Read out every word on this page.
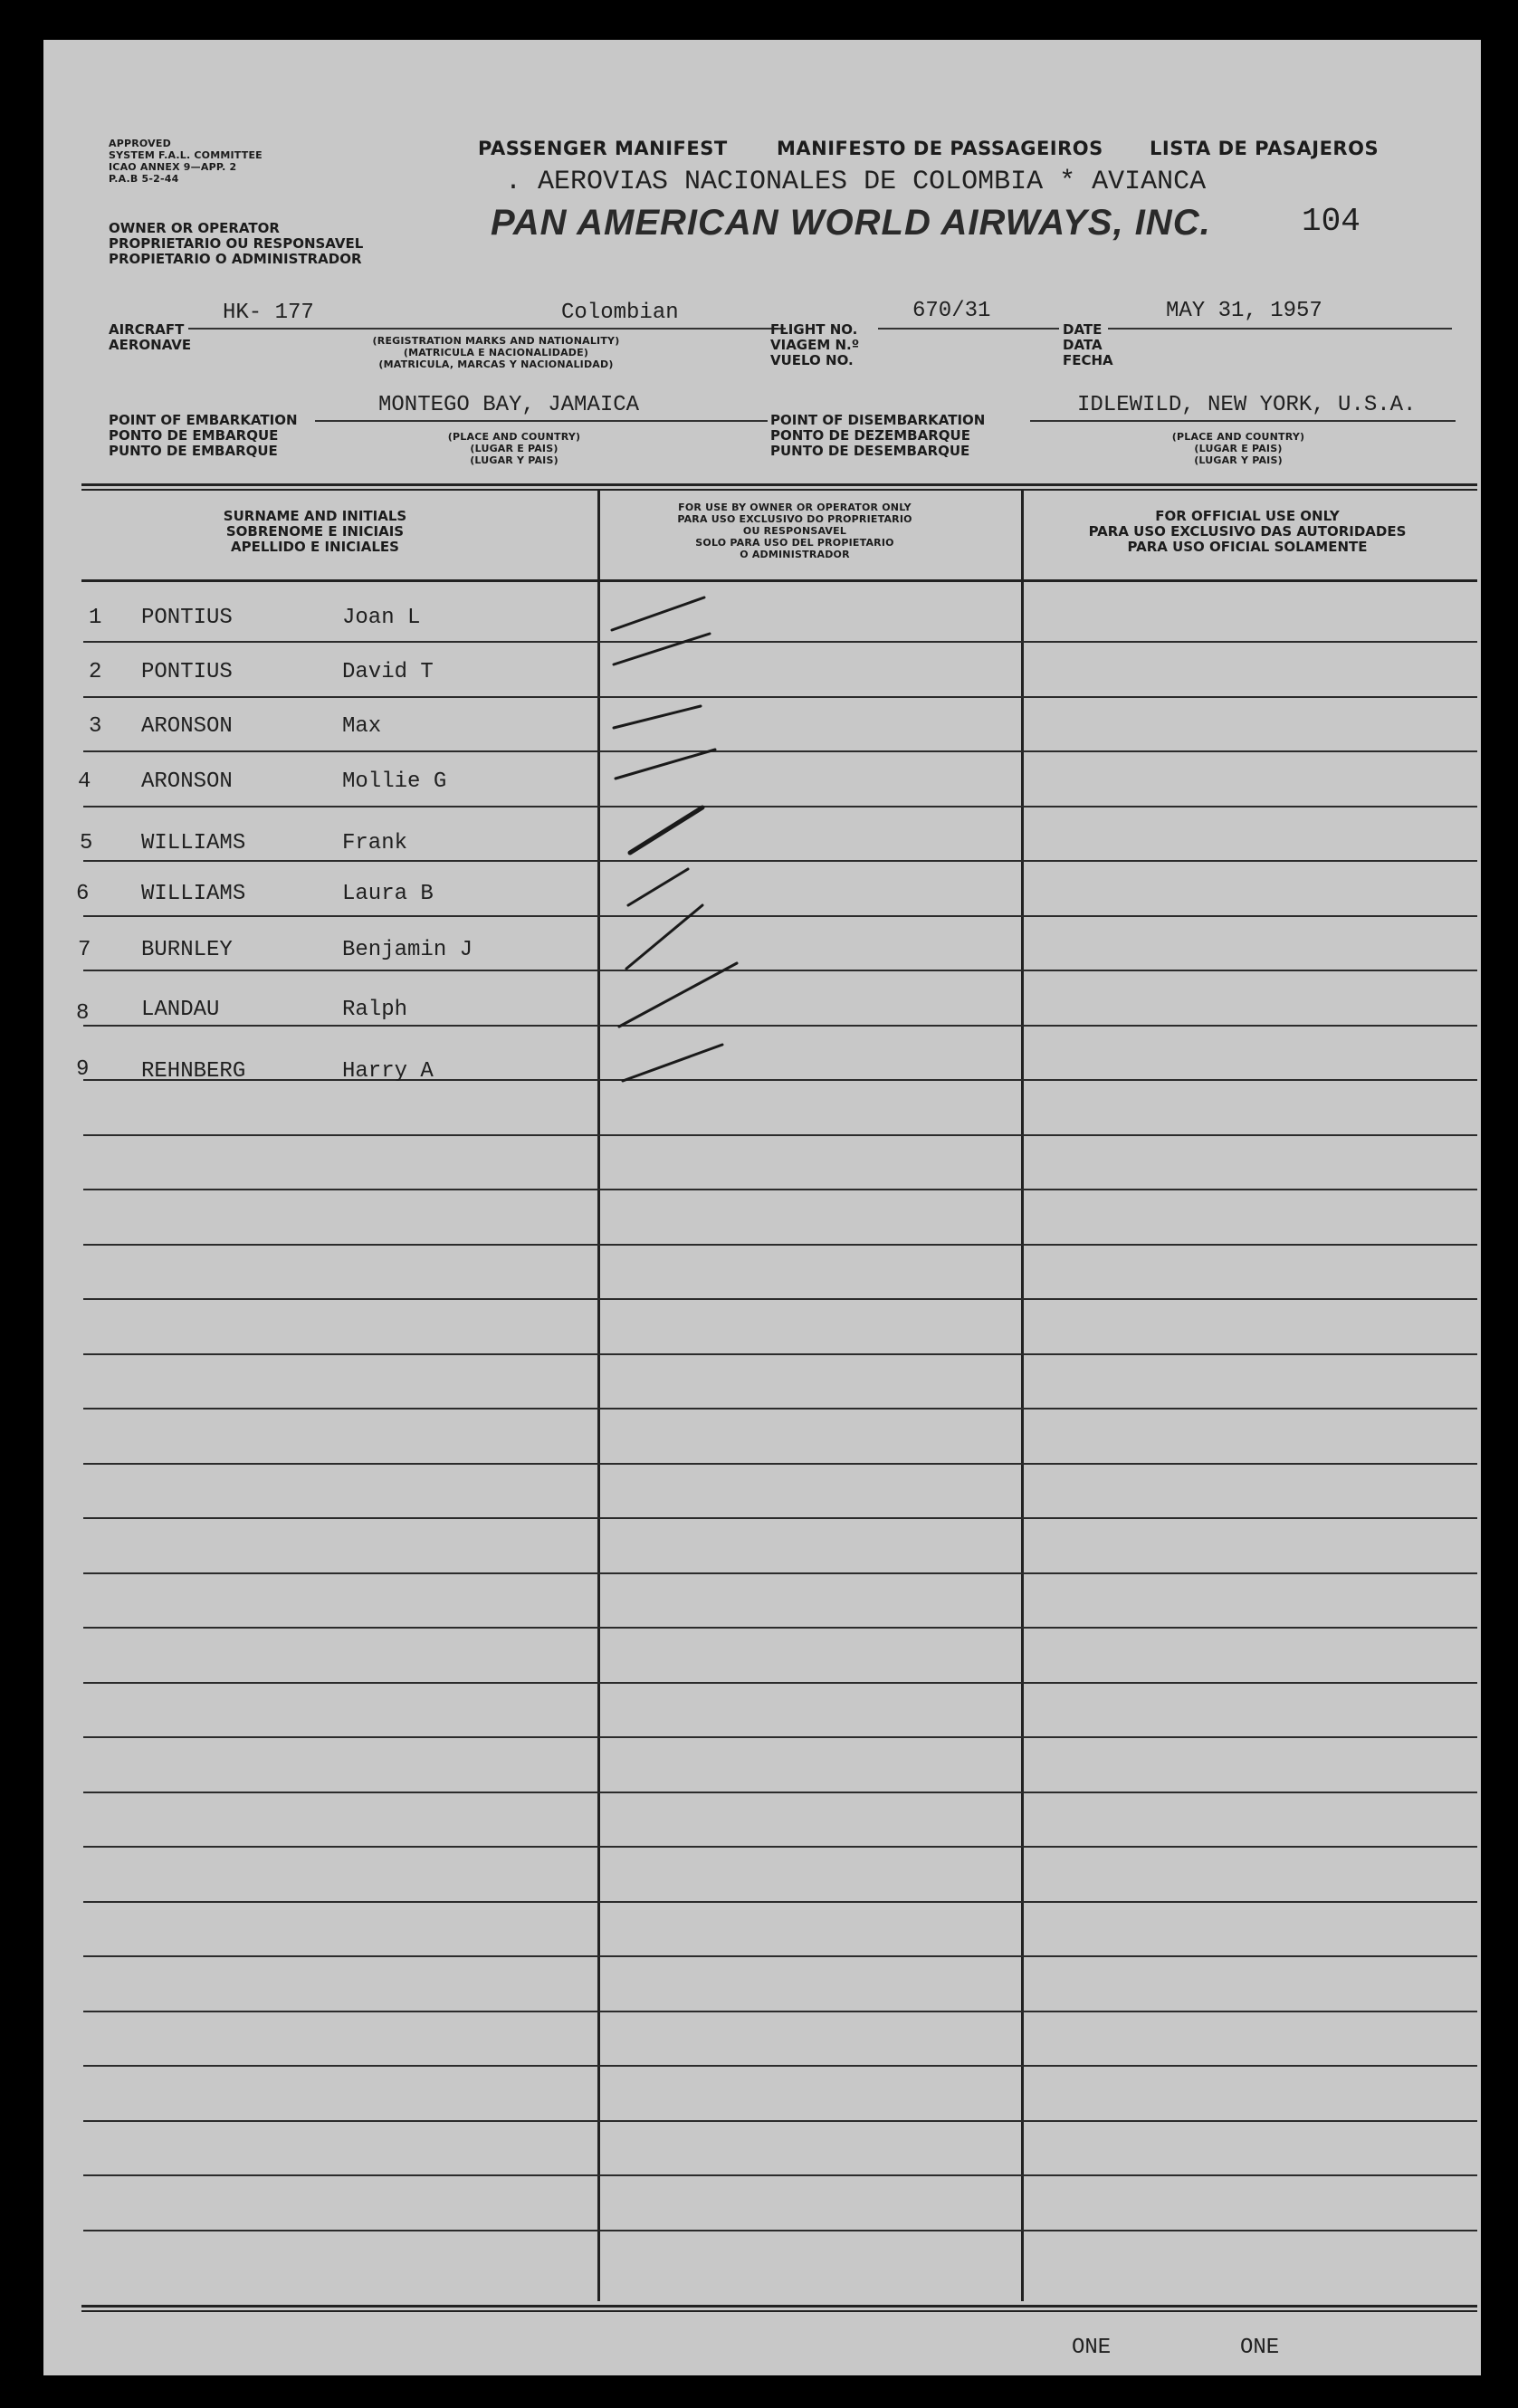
APPROVED
SYSTEM F.A.L. COMMITTEE
ICAO ANNEX 9—APP. 2
P.A.B 5-2-44
OWNER OR OPERATOR
PROPRIETARIO OU RESPONSAVEL
PROPIETARIO O ADMINISTRADOR
PASSENGER MANIFEST	MANIFESTO DE PASSAGEIROS LISTA DE PASAJEROS
. AEROVIAS NACIONALES DE COLOMBIA * AVIANCA
PAN AMERICAN WORLD AIRWAYS, INC.	104
AIRCRAFT
AERONAVE
HK- 177	Colombian
(REGISTRATION MARKS AND NATIONALITY)
(MATRICULA E NACIONALIDADE)
(MATRICULA, MARCAS Y NACIONALIDAD)
FLIGHT NO.
VIAGEM N.º
VUELO NO.
670/31
DATE
DATA
FECHA
MAY 31, 1957
POINT OF EMBARKATION
PONTO DE EMBARQUE
PUNTO DE EMBARQUE
MONTEGO BAY, JAMAICA
(PLACE AND COUNTRY)
(LUGAR E PAIS)
(LUGAR Y PAIS)
POINT OF DISEMBARKATION
PONTO DE DEZEMBARQUE
PUNTO DE DESEMBARQUE
IDLEWILD, NEW YORK, U.S.A.
(PLACE AND COUNTRY)
(LUGAR E PAIS)
(LUGAR Y PAIS)
SURNAME AND INITIALS
SOBRENOME E INICIAIS
APELLIDO E INICIALES
FOR USE BY OWNER OR OPERATOR ONLY
PARA USO EXCLUSIVO DO PROPRIETARIO
OU RESPONSAVEL
SOLO PARA USO DEL PROPIETARIO
O ADMINISTRADOR
FOR OFFICIAL USE ONLY
PARA USO EXCLUSIVO DAS AUTORIDADES
PARA USO OFICIAL SOLAMENTE
1 PONTIUS	Joan L
2 PONTIUS	David T
3 ARONSON	Max
4 ARONSON	Mollie G
5 WILLIAMS	Frank
6 WILLIAMS	Laura B
7 BURNLEY	Benjamin J
8 LANDAU	Ralph
9 REHNBERG	Harry A
ONE	ONE
